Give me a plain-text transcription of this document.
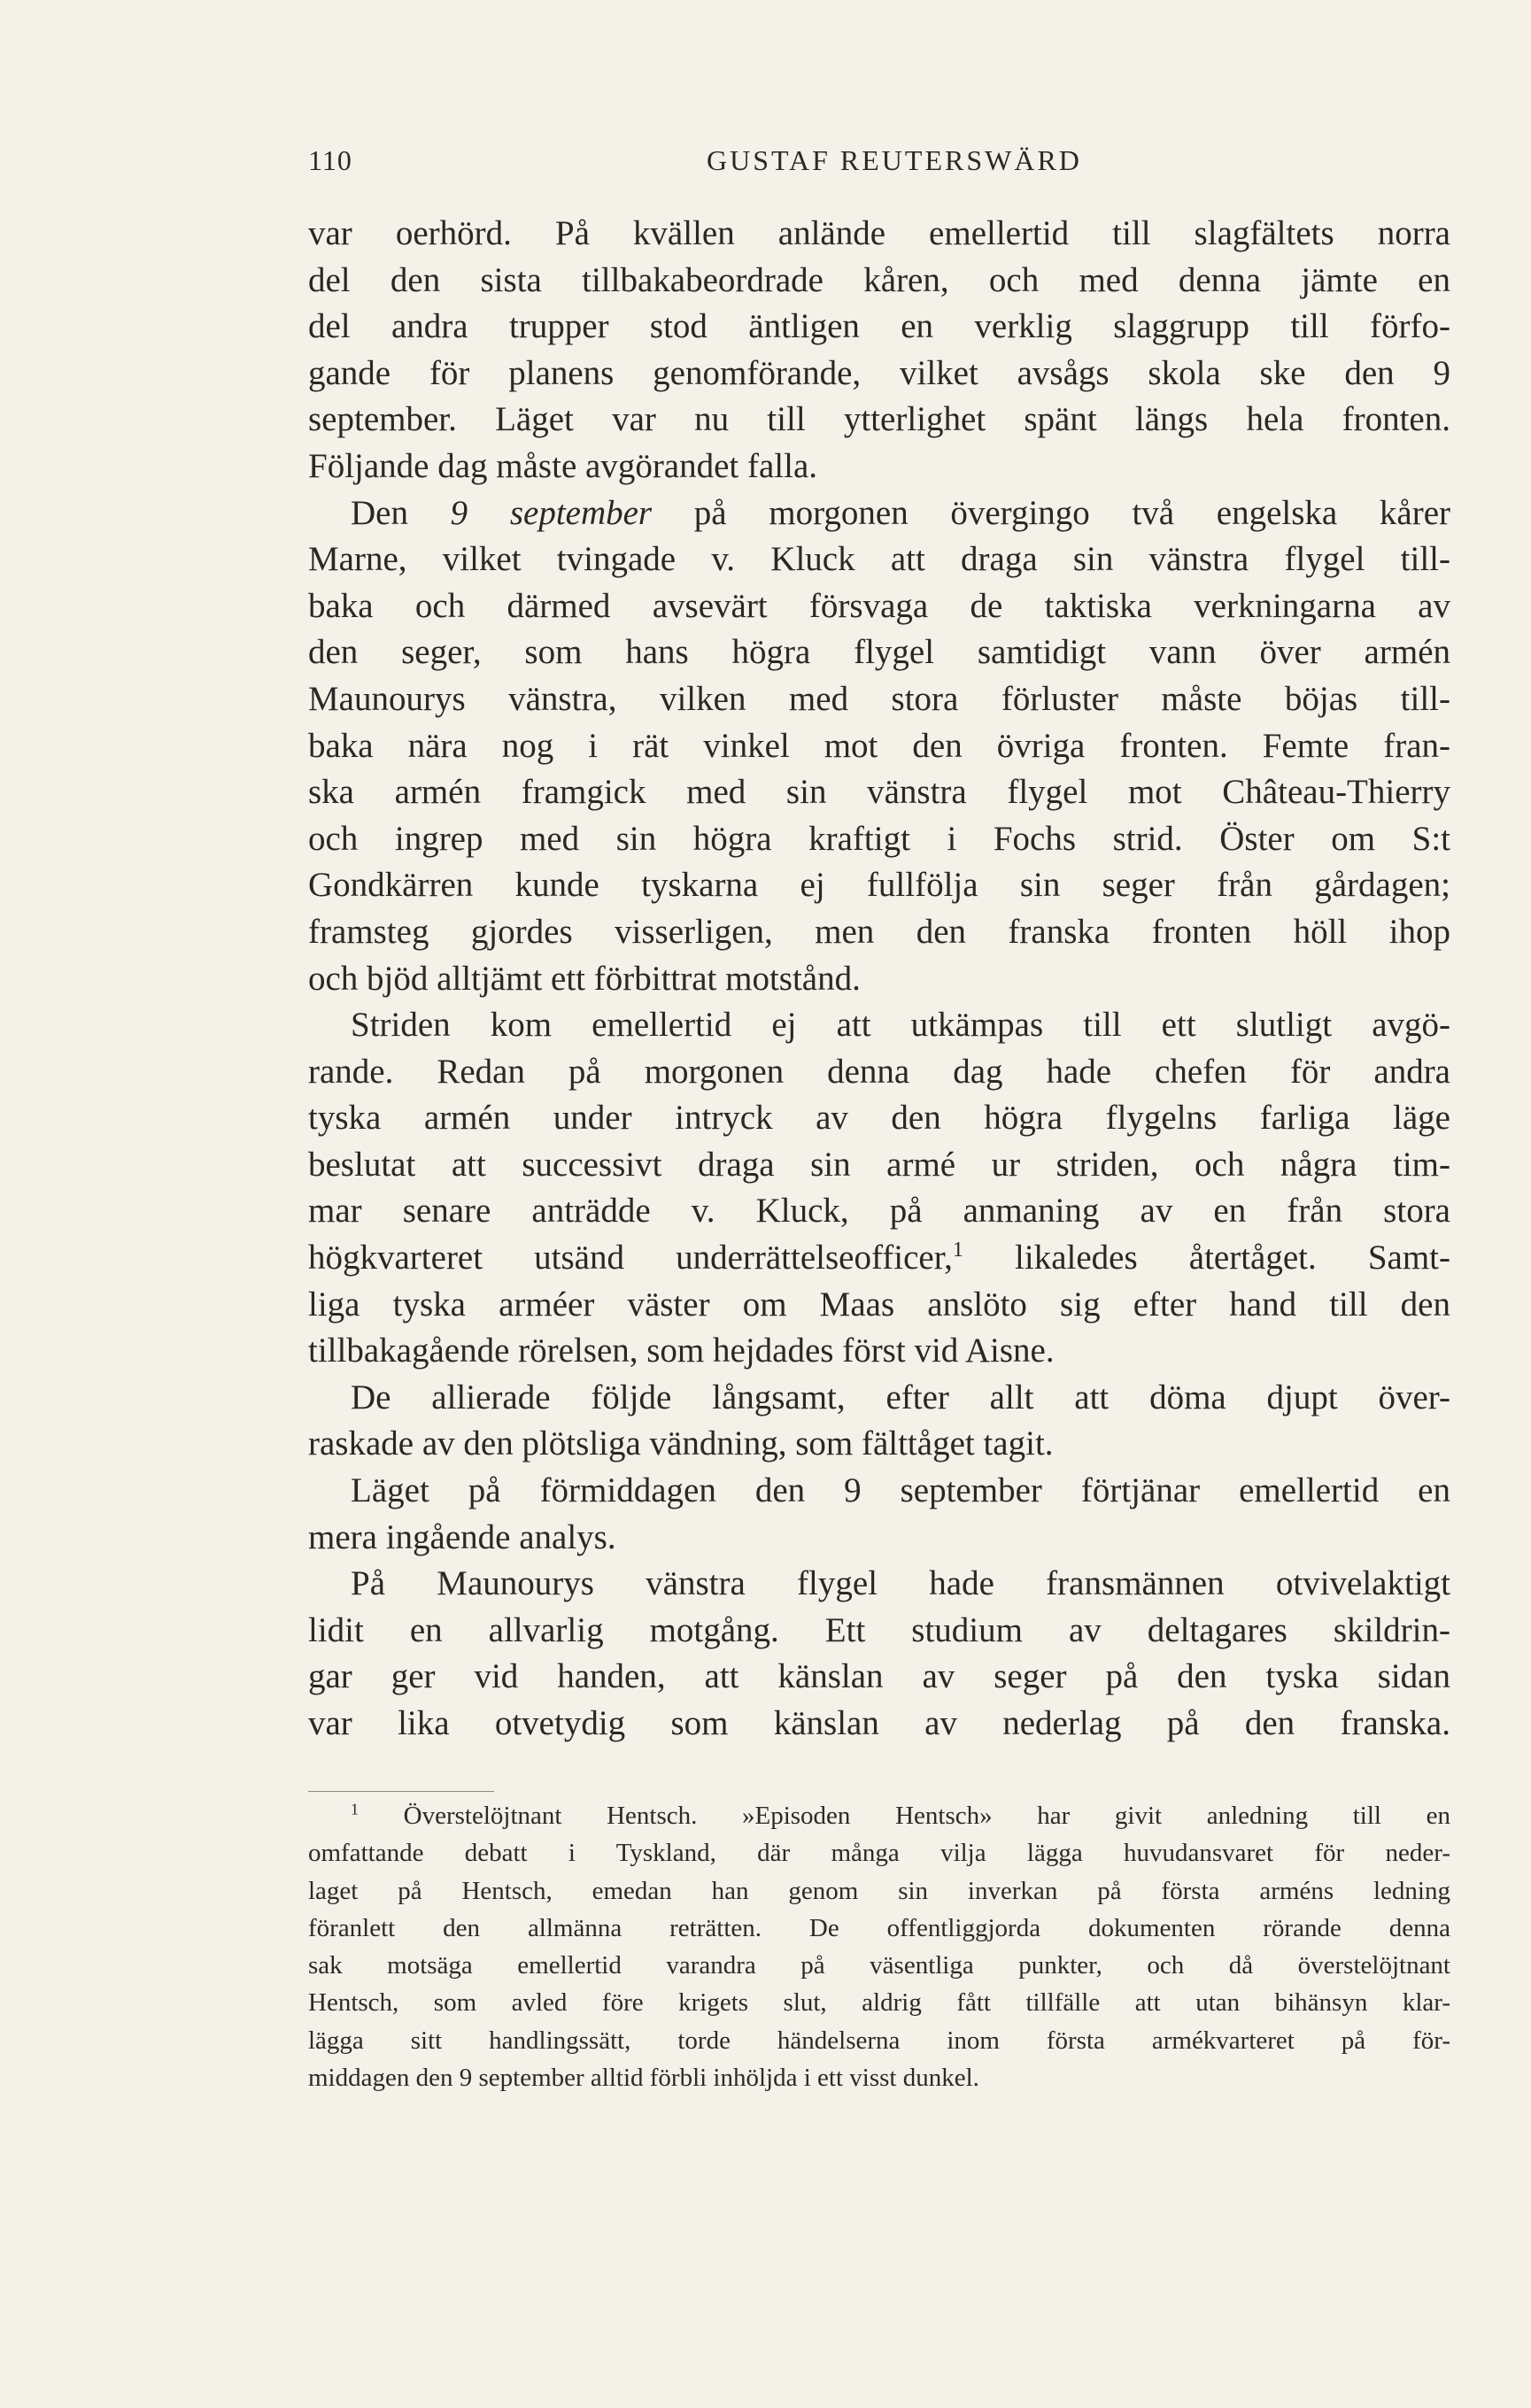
110	GUSTAF REUTERSWÄRD
var oerhörd. På kvällen anlände emellertid till slagfältets norra
del den sista tillbakabeordrade kåren, och med denna jämte en
del andra trupper stod äntligen en verklig slaggrupp till förfo-
gande för planens genomförande, vilket avsågs skola ske den 9
september. Läget var nu till ytterlighet spänt längs hela fronten.
Följande dag måste avgörandet falla.
Den 9 september på morgonen övergingo två engelska kårer
Marne, vilket tvingade v. Kluck att draga sin vänstra flygel till-
baka och därmed avsevärt försvaga de taktiska verkningarna av
den seger, som hans högra flygel samtidigt vann över armén
Maunourys vänstra, vilken med stora förluster måste böjas till-
baka nära nog i rät vinkel mot den övriga fronten. Femte fran-
ska armén framgick med sin vänstra flygel mot Château-Thierry
och ingrep med sin högra kraftigt i Fochs strid. Öster om S:t
Gondkärren kunde tyskarna ej fullfölja sin seger från gårdagen;
framsteg gjordes visserligen, men den franska fronten höll ihop
och bjöd alltjämt ett förbittrat motstånd.
Striden kom emellertid ej att utkämpas till ett slutligt avgö-
rande. Redan på morgonen denna dag hade chefen för andra
tyska armén under intryck av den högra flygelns farliga läge
beslutat att successivt draga sin armé ur striden, och några tim-
mar senare anträdde v. Kluck, på anmaning av en från stora
högkvarteret utsänd underrättelseofficer,$^1$ likaledes återtåget. Samt-
liga tyska arméer väster om Maas anslöto sig efter hand till den
tillbakagående rörelsen, som hejdades först vid Aisne.
De allierade följde långsamt, efter allt att döma djupt över-
raskade av den plötsliga vändning, som fälttåget tagit.
Läget på förmiddagen den 9 september förtjänar emellertid en
mera ingående analys.
På Maunourys vänstra flygel hade fransmännen otvivelaktigt
lidit en allvarlig motgång. Ett studium av deltagares skildrin-
gar ger vid handen, att känslan av seger på den tyska sidan
var lika otvetydig som känslan av nederlag på den franska.
$^1$ Överstelöjtnant Hentsch. »Episoden Hentsch» har givit anledning till en
omfattande debatt i Tyskland, där många vilja lägga huvudansvaret för neder-
laget på Hentsch, emedan han genom sin inverkan på första arméns ledning
föranlett den allmänna reträtten. De offentliggjorda dokumenten rörande denna
sak motsäga emellertid varandra på väsentliga punkter, och då överstelöjtnant
Hentsch, som avled före krigets slut, aldrig fått tillfälle att utan bihänsyn klar-
lägga sitt handlingssätt, torde händelserna inom första armékvarteret på för-
middagen den 9 september alltid förbli inhöljda i ett visst dunkel.
